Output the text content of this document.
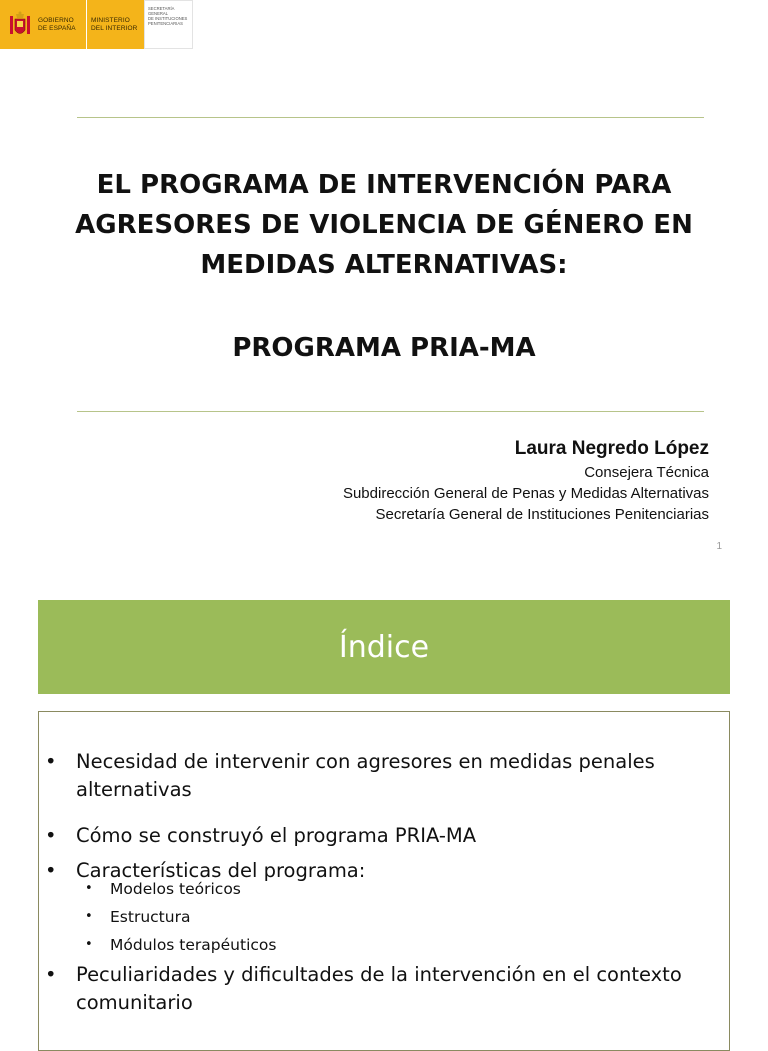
GOBIERNO
DE ESPAÑA
MINISTERIO
DEL INTERIOR
SECRETARÍA
GENERAL
DE INSTITUCIONES
PENITENCIARIAS
EL PROGRAMA DE INTERVENCIÓN PARA
AGRESORES DE VIOLENCIA DE GÉNERO EN
MEDIDAS ALTERNATIVAS:
PROGRAMA PRIA-MA
Laura Negredo López
Consejera Técnica
Subdirección General de Penas y Medidas Alternativas
Secretaría General de Instituciones Penitenciarias
1
Índice
• Necesidad de intervenir con agresores en medidas penales alternativas
• Cómo se construyó el programa PRIA-MA
• Características del programa:
• Modelos teóricos
• Estructura
• Módulos terapéuticos
• Peculiaridades y dificultades de la intervención en el contexto comunitario
